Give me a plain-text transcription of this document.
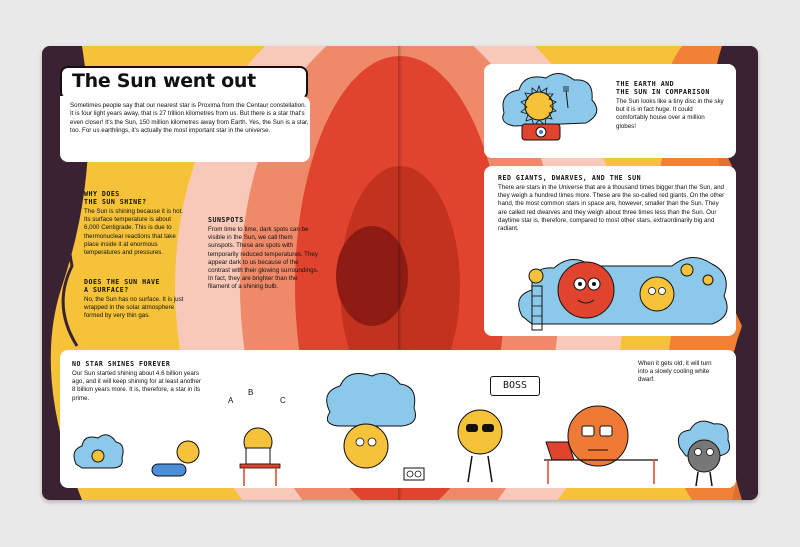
The Sun went out
Sometimes people say that our nearest star is Proxima from the Centaur constellation. It is four light years away, that is 27 trillion kilometres from us. But there is a star that's even closer! It's the Sun, 150 million kilometres away from Earth. Yes, the Sun is a star, too. For us earthlings, it's actually the most important star in the universe.
WHY DOES
THE SUN SHINE?
The Sun is shining because it is hot. Its surface temperature is about 6,000 Centigrade. This is due to thermonuclear reactions that take place inside it at enormous temperatures and pressures.
DOES THE SUN HAVE
A SURFACE?
No, the Sun has no surface. It is just wrapped in the solar atmosphere formed by very thin gas.
SUNSPOTS
From time to time, dark spots can be visible in the Sun, we call them sunspots. These are spots with temporarily reduced temperatures. They appear dark to us because of the contrast with their glowing surroundings. In fact, they are brighter than the filament of a shining bulb.
THE EARTH AND
THE SUN IN COMPARISON
The Sun looks like a tiny disc in the sky but it is in fact huge. It could comfortably house over a million globes!
RED GIANTS, DWARVES, AND THE SUN
There are stars in the Universe that are a thousand times bigger than the Sun, and they weigh a hundred times more. These are the so-called red giants. On the other hand, the most common stars in space are, however, smaller than the Sun. They are called red dwarves and they weigh about three times less than the Sun. Our daytime star is, therefore, compared to most other stars, extraordinarily big and radiant.
NO STAR SHINES FOREVER
Our Sun started shining about 4.6 billion years ago, and it will keep shining for at least another 8 billion years more. It is, therefore, a star in its prime.
When it gets old, it will turn into a slowly cooling white dwarf.
BOSS
A
B
C
